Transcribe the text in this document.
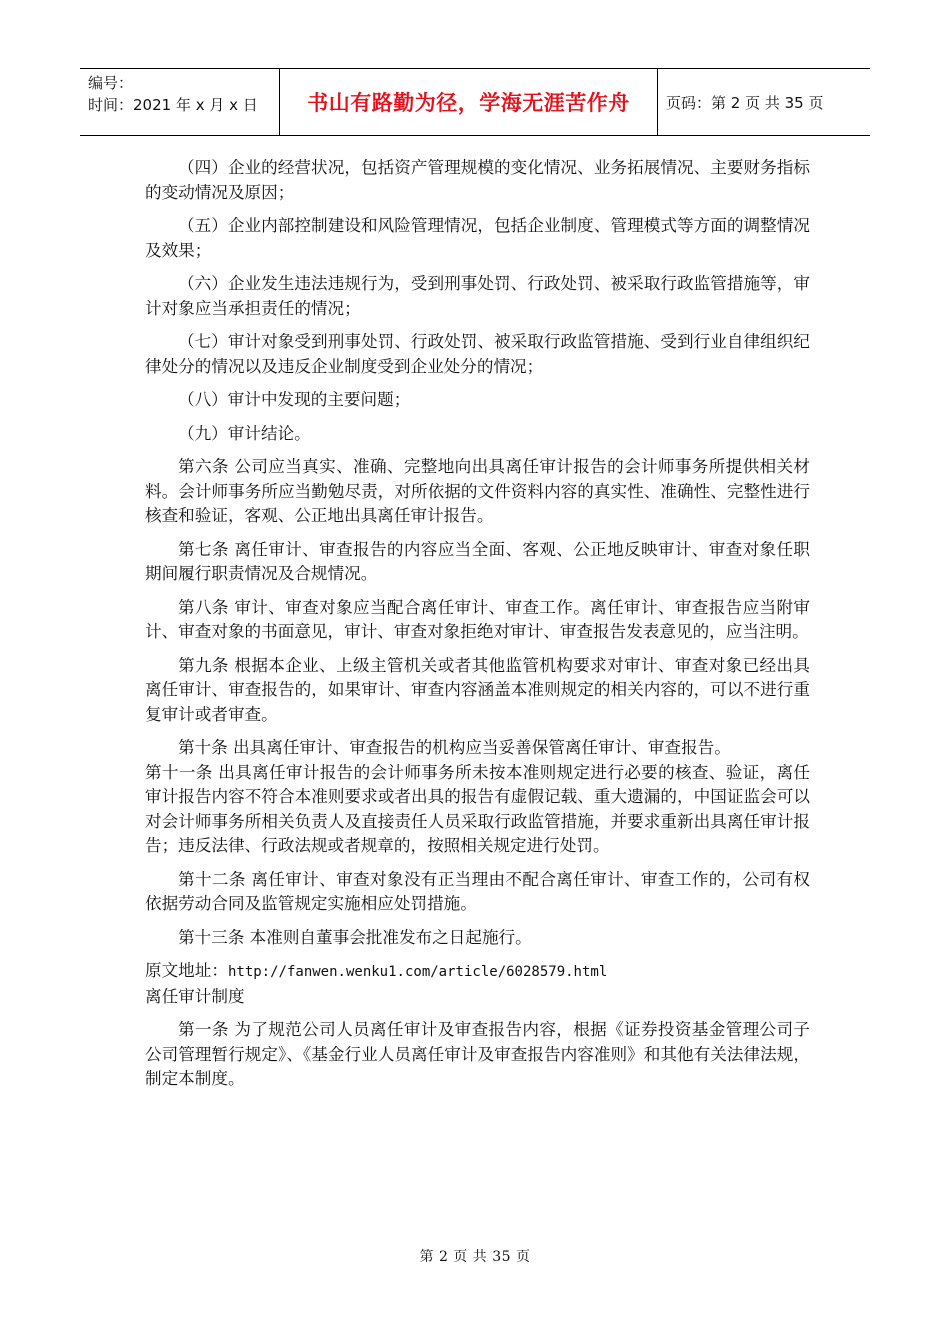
编号：
时间：2021 年 x 月 x 日	书山有路勤为径，学海无涯苦作舟 页码：第 2 页 共 35 页

（四）企业的经营状况，包括资产管理规模的变化情况、业务拓展情况、主要财务指标的变动情况及原因；

（五）企业内部控制建设和风险管理情况，包括企业制度、管理模式等方面的调整情况及效果；

（六）企业发生违法违规行为，受到刑事处罚、行政处罚、被采取行政监管措施等，审计对象应当承担责任的情况；

（七）审计对象受到刑事处罚、行政处罚、被采取行政监管措施、受到行业自律组织纪律处分的情况以及违反企业制度受到企业处分的情况；

（八）审计中发现的主要问题；

（九）审计结论。

第六条 公司应当真实、准确、完整地向出具离任审计报告的会计师事务所提供相关材料。会计师事务所应当勤勉尽责，对所依据的文件资料内容的真实性、准确性、完整性进行核查和验证，客观、公正地出具离任审计报告。

第七条 离任审计、审查报告的内容应当全面、客观、公正地反映审计、审查对象任职期间履行职责情况及合规情况。

第八条 审计、审查对象应当配合离任审计、审查工作。离任审计、审查报告应当附审计、审查对象的书面意见，审计、审查对象拒绝对审计、审查报告发表意见的，应当注明。

第九条 根据本企业、上级主管机关或者其他监管机构要求对审计、审查对象已经出具离任审计、审查报告的，如果审计、审查内容涵盖本准则规定的相关内容的，可以不进行重复审计或者审查。

第十条 出具离任审计、审查报告的机构应当妥善保管离任审计、审查报告。

第十一条 出具离任审计报告的会计师事务所未按本准则规定进行必要的核查、验证，离任审计报告内容不符合本准则要求或者出具的报告有虚假记载、重大遗漏的，中国证监会可以对会计师事务所相关负责人及直接责任人员采取行政监管措施，并要求重新出具离任审计报告；违反法律、行政法规或者规章的，按照相关规定进行处罚。

第十二条 离任审计、审查对象没有正当理由不配合离任审计、审查工作的，公司有权依据劳动合同及监管规定实施相应处罚措施。

第十三条 本准则自董事会批准发布之日起施行。

原文地址：http://fanwen.wenku1.com/article/6028579.html

离任审计制度

第一条 为了规范公司人员离任审计及审查报告内容，根据《证券投资基金管理公司子公司管理暂行规定》、《基金行业人员离任审计及审查报告内容准则》和其他有关法律法规，制定本制度。

第 2 页 共 35 页
